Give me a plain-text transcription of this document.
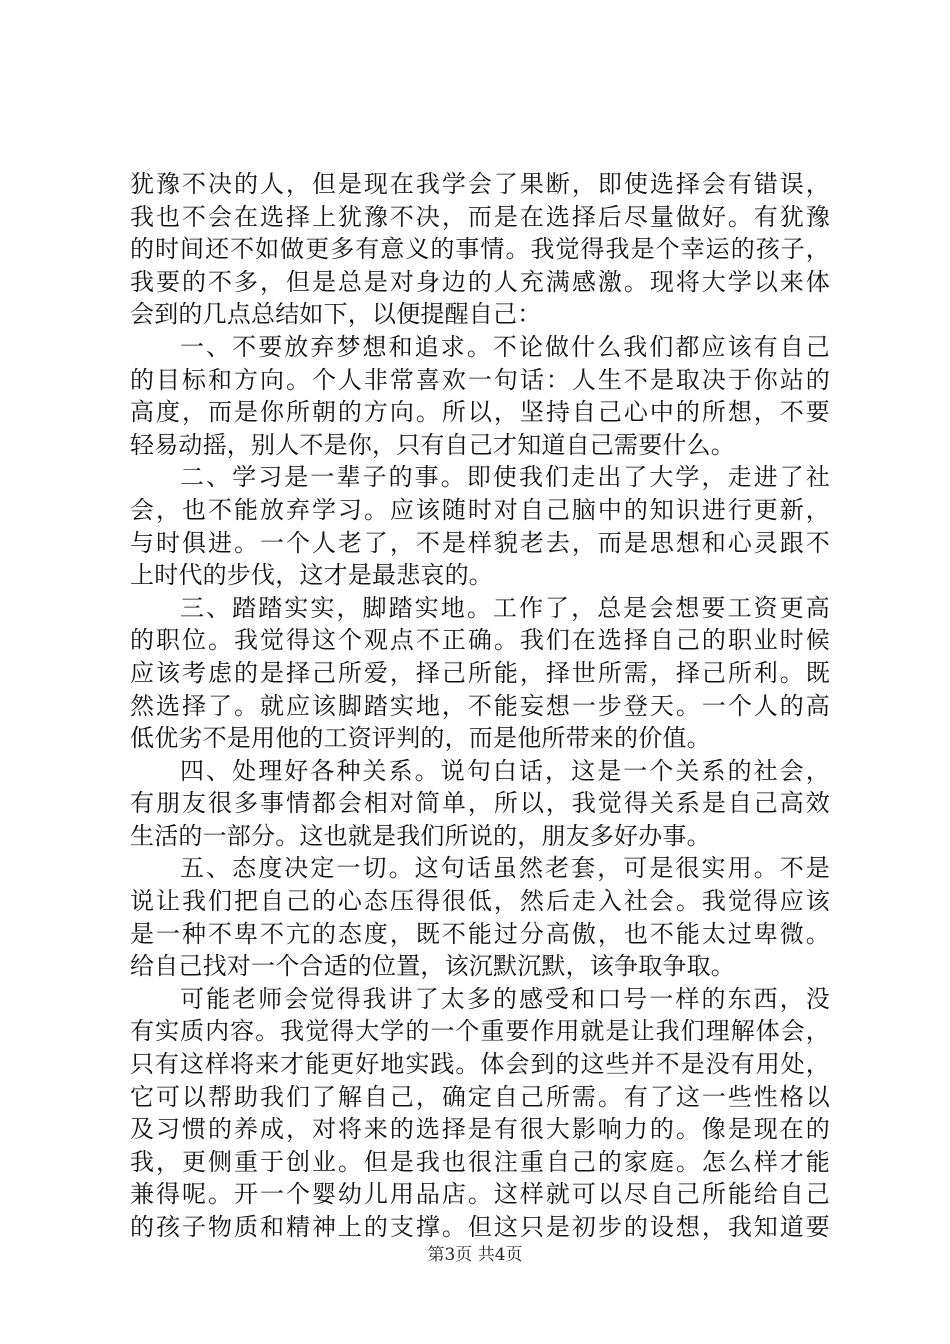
犹豫不决的人，但是现在我学会了果断，即使选择会有错误，
我也不会在选择上犹豫不决，而是在选择后尽量做好。有犹豫
的时间还不如做更多有意义的事情。我觉得我是个幸运的孩子，
我要的不多，但是总是对身边的人充满感激。现将大学以来体
会到的几点总结如下，以便提醒自己：
一、不要放弃梦想和追求。不论做什么我们都应该有自己
的目标和方向。个人非常喜欢一句话：人生不是取决于你站的
高度，而是你所朝的方向。所以，坚持自己心中的所想，不要
轻易动摇，别人不是你，只有自己才知道自己需要什么。
二、学习是一辈子的事。即使我们走出了大学，走进了社
会，也不能放弃学习。应该随时对自己脑中的知识进行更新，
与时俱进。一个人老了，不是样貌老去，而是思想和心灵跟不
上时代的步伐，这才是最悲哀的。
三、踏踏实实，脚踏实地。工作了，总是会想要工资更高
的职位。我觉得这个观点不正确。我们在选择自己的职业时候
应该考虑的是择己所爱，择己所能，择世所需，择己所利。既
然选择了。就应该脚踏实地，不能妄想一步登天。一个人的高
低优劣不是用他的工资评判的，而是他所带来的价值。
四、处理好各种关系。说句白话，这是一个关系的社会，
有朋友很多事情都会相对简单，所以，我觉得关系是自己高效
生活的一部分。这也就是我们所说的，朋友多好办事。
五、态度决定一切。这句话虽然老套，可是很实用。不是
说让我们把自己的心态压得很低，然后走入社会。我觉得应该
是一种不卑不亢的态度，既不能过分高傲，也不能太过卑微。
给自己找对一个合适的位置，该沉默沉默，该争取争取。
可能老师会觉得我讲了太多的感受和口号一样的东西，没
有实质内容。我觉得大学的一个重要作用就是让我们理解体会，
只有这样将来才能更好地实践。体会到的这些并不是没有用处，
它可以帮助我们了解自己，确定自己所需。有了这一些性格以
及习惯的养成，对将来的选择是有很大影响力的。像是现在的
我，更侧重于创业。但是我也很注重自己的家庭。怎么样才能
兼得呢。开一个婴幼儿用品店。这样就可以尽自己所能给自己
的孩子物质和精神上的支撑。但这只是初步的设想，我知道要
第3页 共4页
